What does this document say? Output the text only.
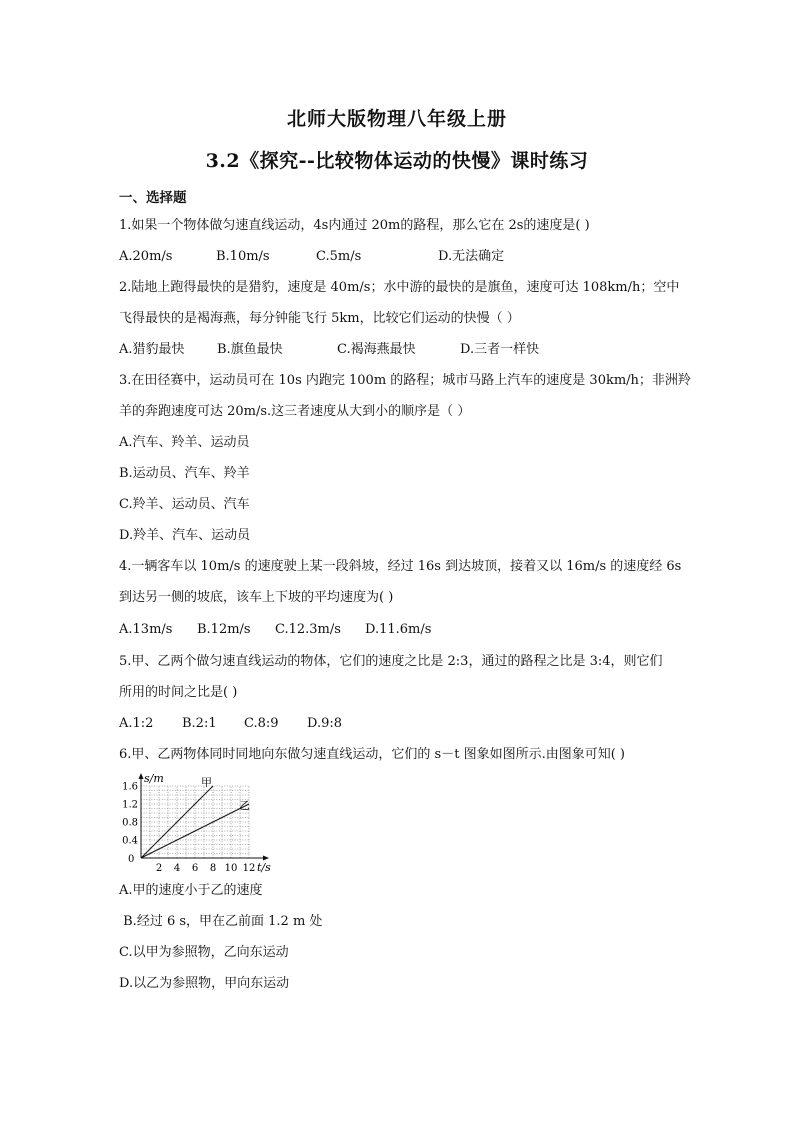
北师大版物理八年级上册
3.2《探究--比较物体运动的快慢》课时练习
一、选择题
1.如果一个物体做匀速直线运动，4s内通过 20m的路程，那么它在 2s的速度是( )
A.20m/s	B.10m/s	C.5m/s	D.无法确定
2.陆地上跑得最快的是猎豹，速度是 40m/s；水中游的最快的是旗鱼，速度可达 108km/h；空中
飞得最快的是褐海燕，每分钟能飞行 5km，比较它们运动的快慢（ ）
A.猎豹最快 B.旗鱼最快	C.褐海燕最快	D.三者一样快
3.在田径赛中，运动员可在 10s 内跑完 100m 的路程；城市马路上汽车的速度是 30km/h；非洲羚
羊的奔跑速度可达 20m/s.这三者速度从大到小的顺序是（ ）
A.汽车、羚羊、运动员
B.运动员、汽车、羚羊
C.羚羊、运动员、汽车
D.羚羊、汽车、运动员
4.一辆客车以 10m/s 的速度驶上某一段斜坡，经过 16s 到达坡顶，接着又以 16m/s 的速度经 6s
到达另一侧的坡底，该车上下坡的平均速度为( )
A.13m/s B.12m/s C.12.3m/s D.11.6m/s
5.甲、乙两个做匀速直线运动的物体，它们的速度之比是 2:3，通过的路程之比是 3:4，则它们
所用的时间之比是( )
A.1:2 B.2:1 C.8:9 D.9:8
6.甲、乙两物体同时同地向东做匀速直线运动，它们的 s－t 图象如图所示.由图象可知( )
0.4
0.8
1.2
1.6
2 4 6 8 10 12
s/m
t/s
0
甲
乙
A.甲的速度小于乙的速度
B.经过 6 s，甲在乙前面 1.2 m 处
C.以甲为参照物，乙向东运动
D.以乙为参照物，甲向东运动
